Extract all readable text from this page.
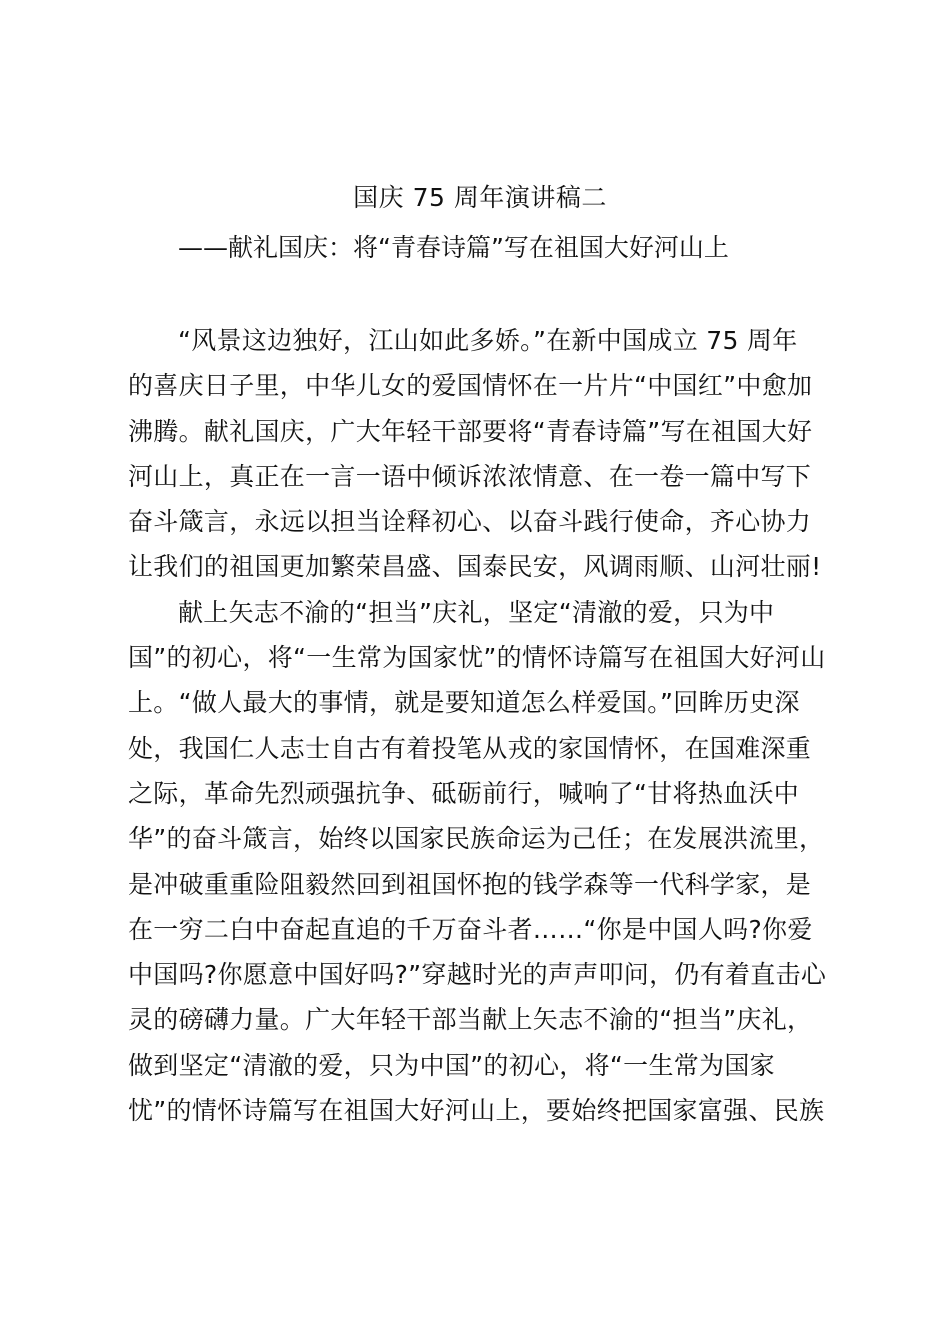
国庆 75 周年演讲稿二
——献礼国庆：将“青春诗篇”写在祖国大好河山上
“风景这边独好，江山如此多娇。”在新中国成立 75 周年
的喜庆日子里，中华儿女的爱国情怀在一片片“中国红”中愈加
沸腾。献礼国庆，广大年轻干部要将“青春诗篇”写在祖国大好
河山上，真正在一言一语中倾诉浓浓情意、在一卷一篇中写下
奋斗箴言，永远以担当诠释初心、以奋斗践行使命，齐心协力
让我们的祖国更加繁荣昌盛、国泰民安，风调雨顺、山河壮丽!
献上矢志不渝的“担当”庆礼，坚定“清澈的爱，只为中
国”的初心，将“一生常为国家忧”的情怀诗篇写在祖国大好河山
上。“做人最大的事情，就是要知道怎么样爱国。”回眸历史深
处，我国仁人志士自古有着投笔从戎的家国情怀，在国难深重
之际，革命先烈顽强抗争、砥砺前行，喊响了“甘将热血沃中
华”的奋斗箴言，始终以国家民族命运为己任；在发展洪流里，
是冲破重重险阻毅然回到祖国怀抱的钱学森等一代科学家，是
在一穷二白中奋起直追的千万奋斗者……“你是中国人吗?你爱
中国吗?你愿意中国好吗?”穿越时光的声声叩问，仍有着直击心
灵的磅礴力量。广大年轻干部当献上矢志不渝的“担当”庆礼，
做到坚定“清澈的爱，只为中国”的初心，将“一生常为国家
忧”的情怀诗篇写在祖国大好河山上，要始终把国家富强、民族
